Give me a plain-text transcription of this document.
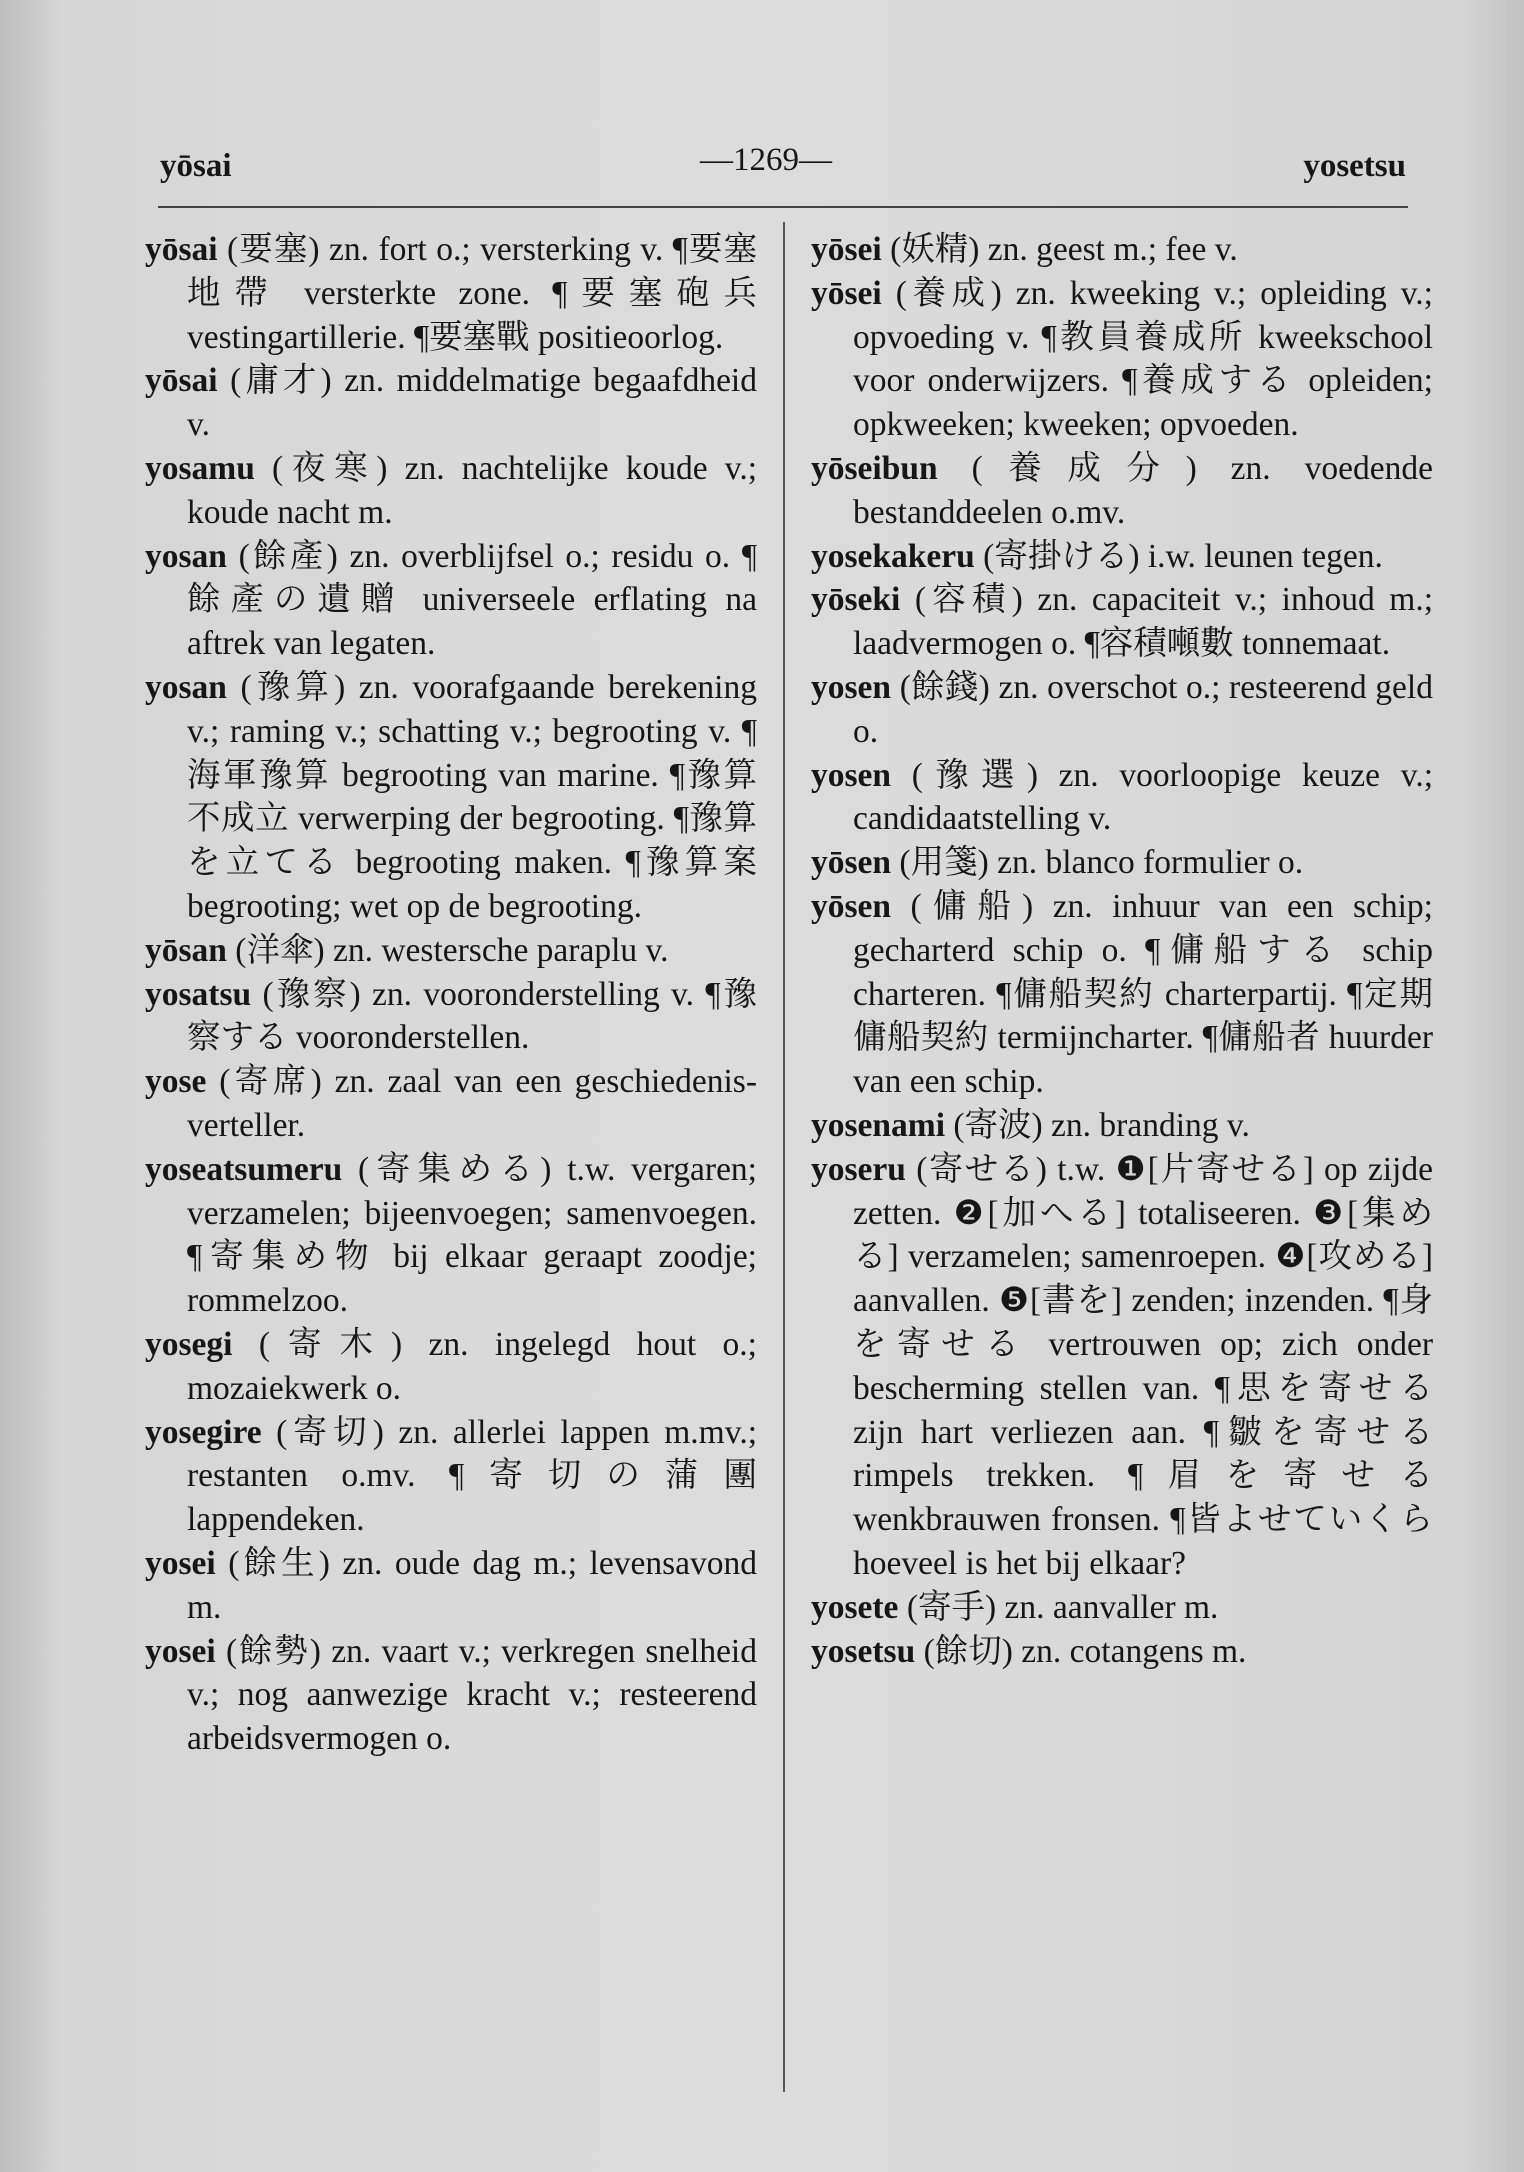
yōsai	—1269—	yosetsu
yōsai (要塞) zn. fort o.; versterking v. ¶要塞地帶 versterkte zone. ¶要塞砲兵 vestingartillerie. ¶要塞戰 positieoorlog.
yōsai (庸才) zn. middelmatige begaafdheid v.
yosamu (夜寒) zn. nachtelijke koude v.; koude nacht m.
yosan (餘產) zn. overblijfsel o.; residu o. ¶餘產の遺贈 universeele erflating na aftrek van legaten.
yosan (豫算) zn. voorafgaande berekening v.; raming v.; schatting v.; begrooting v. ¶海軍豫算 begrooting van marine. ¶豫算不成立 verwerping der begrooting. ¶豫算を立てる begrooting maken. ¶豫算案 begrooting; wet op de begrooting.
yōsan (洋傘) zn. westersche paraplu v.
yosatsu (豫察) zn. vooronderstelling v. ¶豫察する vooronderstellen.
yose (寄席) zn. zaal van een geschiedenis-verteller.
yoseatsumeru (寄集める) t.w. vergaren; verzamelen; bijeenvoegen; samenvoegen. ¶寄集め物 bij elkaar geraapt zoodje; rommelzoo.
yosegi (寄木) zn. ingelegd hout o.; mozaiekwerk o.
yosegire (寄切) zn. allerlei lappen m.mv.; restanten o.mv. ¶寄切の蒲團 lappendeken.
yosei (餘生) zn. oude dag m.; levensavond m.
yosei (餘勢) zn. vaart v.; verkregen snelheid v.; nog aanwezige kracht v.; resteerend arbeidsvermogen o.
yōsei (妖精) zn. geest m.; fee v.
yōsei (養成) zn. kweeking v.; opleiding v.; opvoeding v. ¶教員養成所 kweekschool voor onderwijzers. ¶養成する opleiden; opkweeken; kweeken; opvoeden.
yōseibun (養成分) zn. voedende bestanddeelen o.mv.
yosekakeru (寄掛ける) i.w. leunen tegen.
yōseki (容積) zn. capaciteit v.; inhoud m.; laadvermogen o. ¶容積噸數 tonnemaat.
yosen (餘錢) zn. overschot o.; resteerend geld o.
yosen (豫選) zn. voorloopige keuze v.; candidaatstelling v.
yōsen (用箋) zn. blanco formulier o.
yōsen (傭船) zn. inhuur van een schip; gecharterd schip o. ¶傭船する schip charteren. ¶傭船契約 charterpartij. ¶定期傭船契約 termijncharter. ¶傭船者 huurder van een schip.
yosenami (寄波) zn. branding v.
yoseru (寄せる) t.w. ❶[片寄せる] op zijde zetten. ❷[加へる] totaliseeren. ❸[集める] verzamelen; samenroepen. ❹[攻める] aanvallen. ❺[書を] zenden; inzenden. ¶身を寄せる vertrouwen op; zich onder bescherming stellen van. ¶思を寄せる zijn hart verliezen aan. ¶皺を寄せる rimpels trekken. ¶眉を寄せる wenkbrauwen fronsen. ¶皆よせていくら hoeveel is het bij elkaar?
yosete (寄手) zn. aanvaller m.
yosetsu (餘切) zn. cotangens m.
